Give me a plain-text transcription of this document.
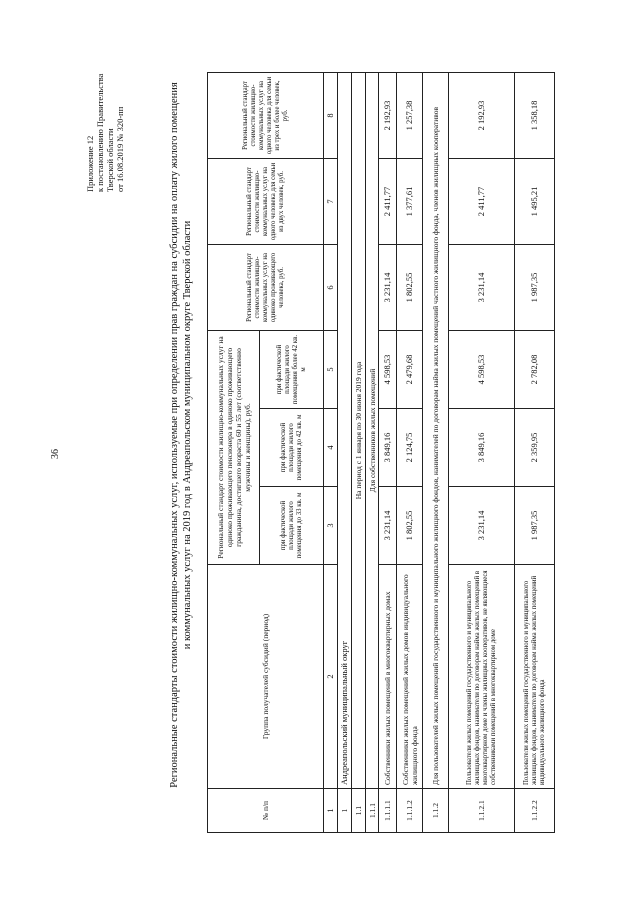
36
Приложение 12 к постановлению Правительства Тверской области от 16.08.2019 № 320-пп	Региональные стандарты стоимости жилищно-коммунальных услуг, используемые при определении прав граждан на субсидии на оплату жилого помещения и коммунальных услуг на 2019 год в Андреапольском муниципальном округе Тверской области
№ п/п	Группа получателей субсидий (период)	Региональный стандарт стоимости жилищно-коммунальных услуг на одиноко проживающего пенсионера в одиноко проживающего гражданина, достигшего возраста 60 и 55 лет (соответственно мужчины и женщины), руб.			Региональный стандарт стоимости жилищно-коммунальных услуг на одиноко проживающего человека, руб.	Региональный стандарт стоимости жилищно-коммунальных услуг на одного человека для семьи из двух человек, руб.	Региональный стандарт стоимости жилищно-коммунальных услуг на одного человека для семьи из трех и более человек, руб.
		при фактической площади жилого помещения до 33 кв. м	при фактической площади жилого помещения до 42 кв. м	при фактической площади жилого помещения более 42 кв. м			
1	2	3	4	5	6	7	8
1	Андреапольский муниципальный округ						
1.1	На период с 1 января по 30 июня 2019 года						
1.1.1	Для собственников жилых помещений						
1.1.1.1	Собственники жилых помещений в многоквартирных домах	3 231,14	3 849,16	4 598,53	3 231,14	2 411,77	2 192,93
1.1.1.2	Собственники жилых помещений жилых домов индивидуального жилищного фонда	1 802,55	2 124,75	2 479,68	1 802,55	1 377,61	1 257,38
1.1.2	Для пользователей жилых помещений государственного и муниципального жилищного фондов, нанимателей по договорам найма жилых помещений частного жилищного фонда, членов жилищных кооперативов						
1.1.2.1	Пользователи жилых помещений государственного и муниципального жилищных фондов, наниматели по договорам найма жилых помещений в многоквартирном доме и члены жилищных кооперативов, не являющиеся собственниками помещений в многоквартирном доме	3 231,14	3 849,16	4 598,53	3 231,14	2 411,77	2 192,93
1.1.2.2	Пользователи жилых помещений государственного и муниципального жилищных фондов, наниматели по договорам найма жилых помещений индивидуального жилищного фонда	1 987,35	2 359,95	2 782,08	1 987,35	1 495,21	1 358,18
